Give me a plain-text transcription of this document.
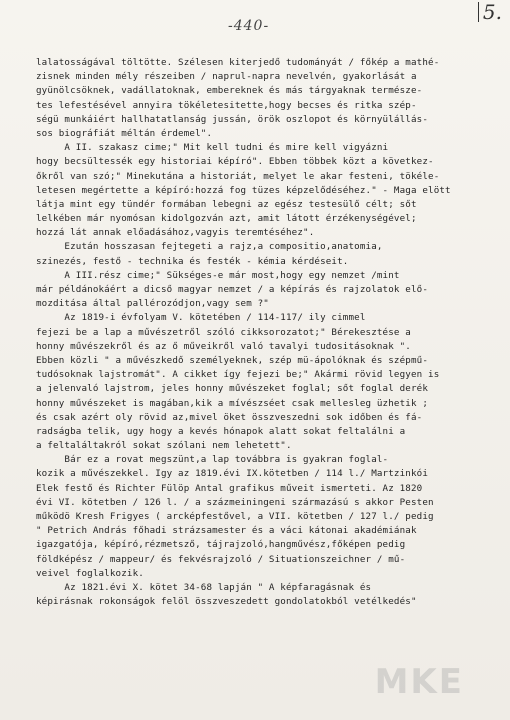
-440-
5.
lalatosságával töltötte. Szélesen kiterjedő tudományát / főkép a mathé-
zisnek minden mély részeiben / naprul-napra nevelvén, gyakorlását a
gyünölcsöknek, vadállatoknak, embereknek és más tárgyaknak természe-
tes lefestésével annyira tökéletesitette,hogy becses és ritka szép-
ségü munkáiért hallhatatlanság jussán, örök oszlopot és környülállás-
sos biográfiát méltán érdemel".
A II. szakasz cime;" Mit kell tudni és mire kell vigyázni
hogy becsültessék egy historiai képíró". Ebben többek közt a következ-
őkről van szó;" Minekutána a historiát, melyet le akar festeni, tökéle-
letesen megértette a képíró:hozzá fog tüzes képzelődéséhez." - Maga elött
látja mint egy tündér formában lebegni az egész testesülő célt; sőt
lelkében már nyomósan kidolgozván azt, amit látott érzékenységével;
hozzá lát annak előadásához,vagyis teremtéséhez".
Ezután hosszasan fejtegeti a rajz,a compositio,anatomia,
szinezés, festő - technika és festék - kémia kérdéseit.
A III.rész cime;" Sükséges-e már most,hogy egy nemzet /mint
már példánokáért a dicső magyar nemzet / a képírás és rajzolatok elő-
mozditása által pallérozódjon,vagy sem ?"
Az 1819-i évfolyam V. kötetében / 114-117/ ily cimmel
fejezi be a lap a művészetről szóló cikksorozatot;" Bérekesztése a
honny művészekről és az ő műveikről való tavalyi tudositásoknak ".
Ebben közli " a művészkedő személyeknek, szép mü-ápolóknak és szépmű-
tudósoknak lajstromát". A cikket így fejezi be;" Akármi rövid legyen is
a jelenvaló lajstrom, jeles honny művészeket foglal; sőt foglal derék
honny művészeket is magában,kik a mívészséet csak mellesleg üzhetik ;
és csak azért oly rövid az,mivel öket összveszedni sok időben és fá-
radságba telik, ugy hogy a kevés hónapok alatt sokat feltalálni a
a feltaláltakról sokat szólani nem lehetett".
Bár ez a rovat megszünt,a lap továbbra is gyakran foglal-
kozik a művészekkel. Igy az 1819.évi IX.kötetben / 114 l./ Martzinkói
Elek festő és Richter Fülöp Antal grafikus műveit ismerteti. Az 1820
évi VI. kötetben / 126 l. / a százmeiningeni származású s akkor Pesten
működö Kresh Frigyes ( arcképfestővel, a VII. kötetben / 127 l./ pedig
" Petrich András főhadi strázsamester és a váci kátonai akadémiának
igazgatója, képíró,rézmetsző, tájrajzoló,hangművész,főképen pedig
földképész / mappeur/ és fekvésrajzoló / Situationszeichner / mű-
veivel foglalkozik.
Az 1821.évi X. kötet 34-68 lapján " A képfaragásnak és
képirásnak rokonságok felöl összveszedett gondolatokból vetélkedés"
MKE
